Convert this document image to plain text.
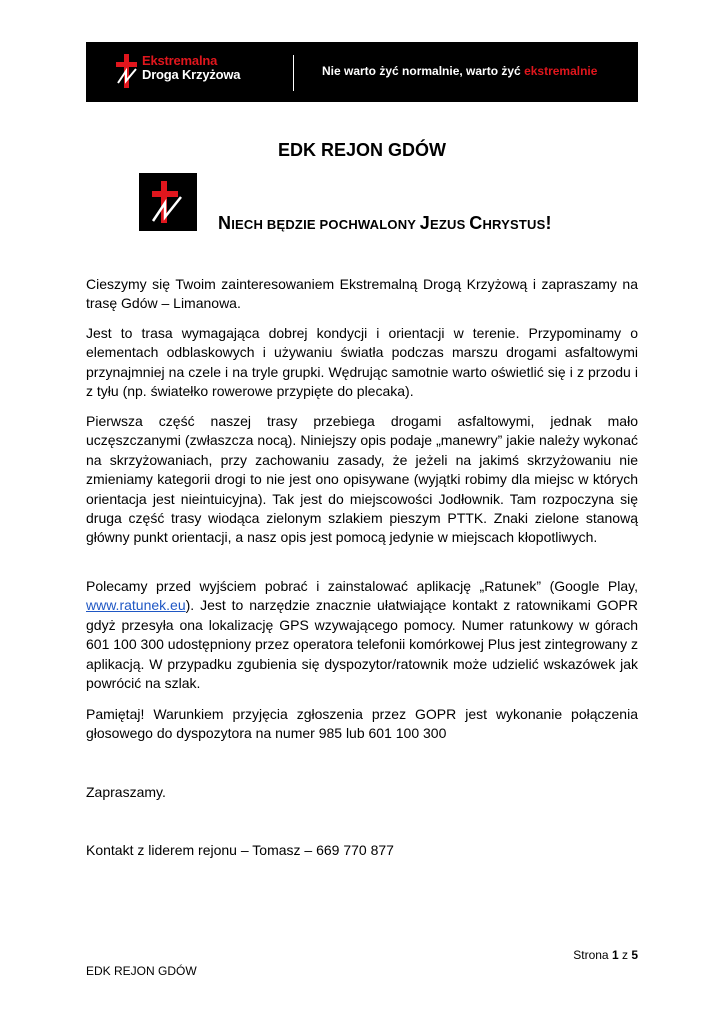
Ekstremalna
Droga Krzyżowa	Nie warto żyć normalnie, warto żyć ekstremalnie
EDK REJON GDÓW
NIECH BĘDZIE POCHWALONY JEZUS CHRYSTUS!

Cieszymy się Twoim zainteresowaniem Ekstremalną Drogą Krzyżową i zapraszamy na trasę Gdów – Limanowa.

Jest to trasa wymagająca dobrej kondycji i orientacji w terenie. Przypominamy o elementach odblaskowych i używaniu światła podczas marszu drogami asfaltowymi przynajmniej na czele i na tryle grupki. Wędrując samotnie warto oświetlić się i z przodu i z tyłu (np. światełko rowerowe przypięte do plecaka).

Pierwsza część naszej trasy przebiega drogami asfaltowymi, jednak mało uczęszczanymi (zwłaszcza nocą). Niniejszy opis podaje „manewry” jakie należy wykonać na skrzyżowaniach, przy zachowaniu zasady, że jeżeli na jakimś skrzyżowaniu nie zmieniamy kategorii drogi to nie jest ono opisywane (wyjątki robimy dla miejsc w których orientacja jest nieintuicyjna). Tak jest do miejscowości Jodłownik. Tam rozpoczyna się druga część trasy wiodąca zielonym szlakiem pieszym PTTK. Znaki zielone stanową główny punkt orientacji, a nasz opis jest pomocą jedynie w miejscach kłopotliwych.

Polecamy przed wyjściem pobrać i zainstalować aplikację „Ratunek” (Google Play, www.ratunek.eu). Jest to narzędzie znacznie ułatwiające kontakt z ratownikami GOPR gdyż przesyła ona lokalizację GPS wzywającego pomocy. Numer ratunkowy w górach 601 100 300 udostępniony przez operatora telefonii komórkowej Plus jest zintegrowany z aplikacją. W przypadku zgubienia się dyspozytor/ratownik może udzielić wskazówek jak powrócić na szlak.

Pamiętaj! Warunkiem przyjęcia zgłoszenia przez GOPR jest wykonanie połączenia głosowego do dyspozytora na numer 985 lub 601 100 300

Zapraszamy.

Kontakt z liderem rejonu – Tomasz – 669 770 877

Strona 1 z 5
EDK REJON GDÓW
